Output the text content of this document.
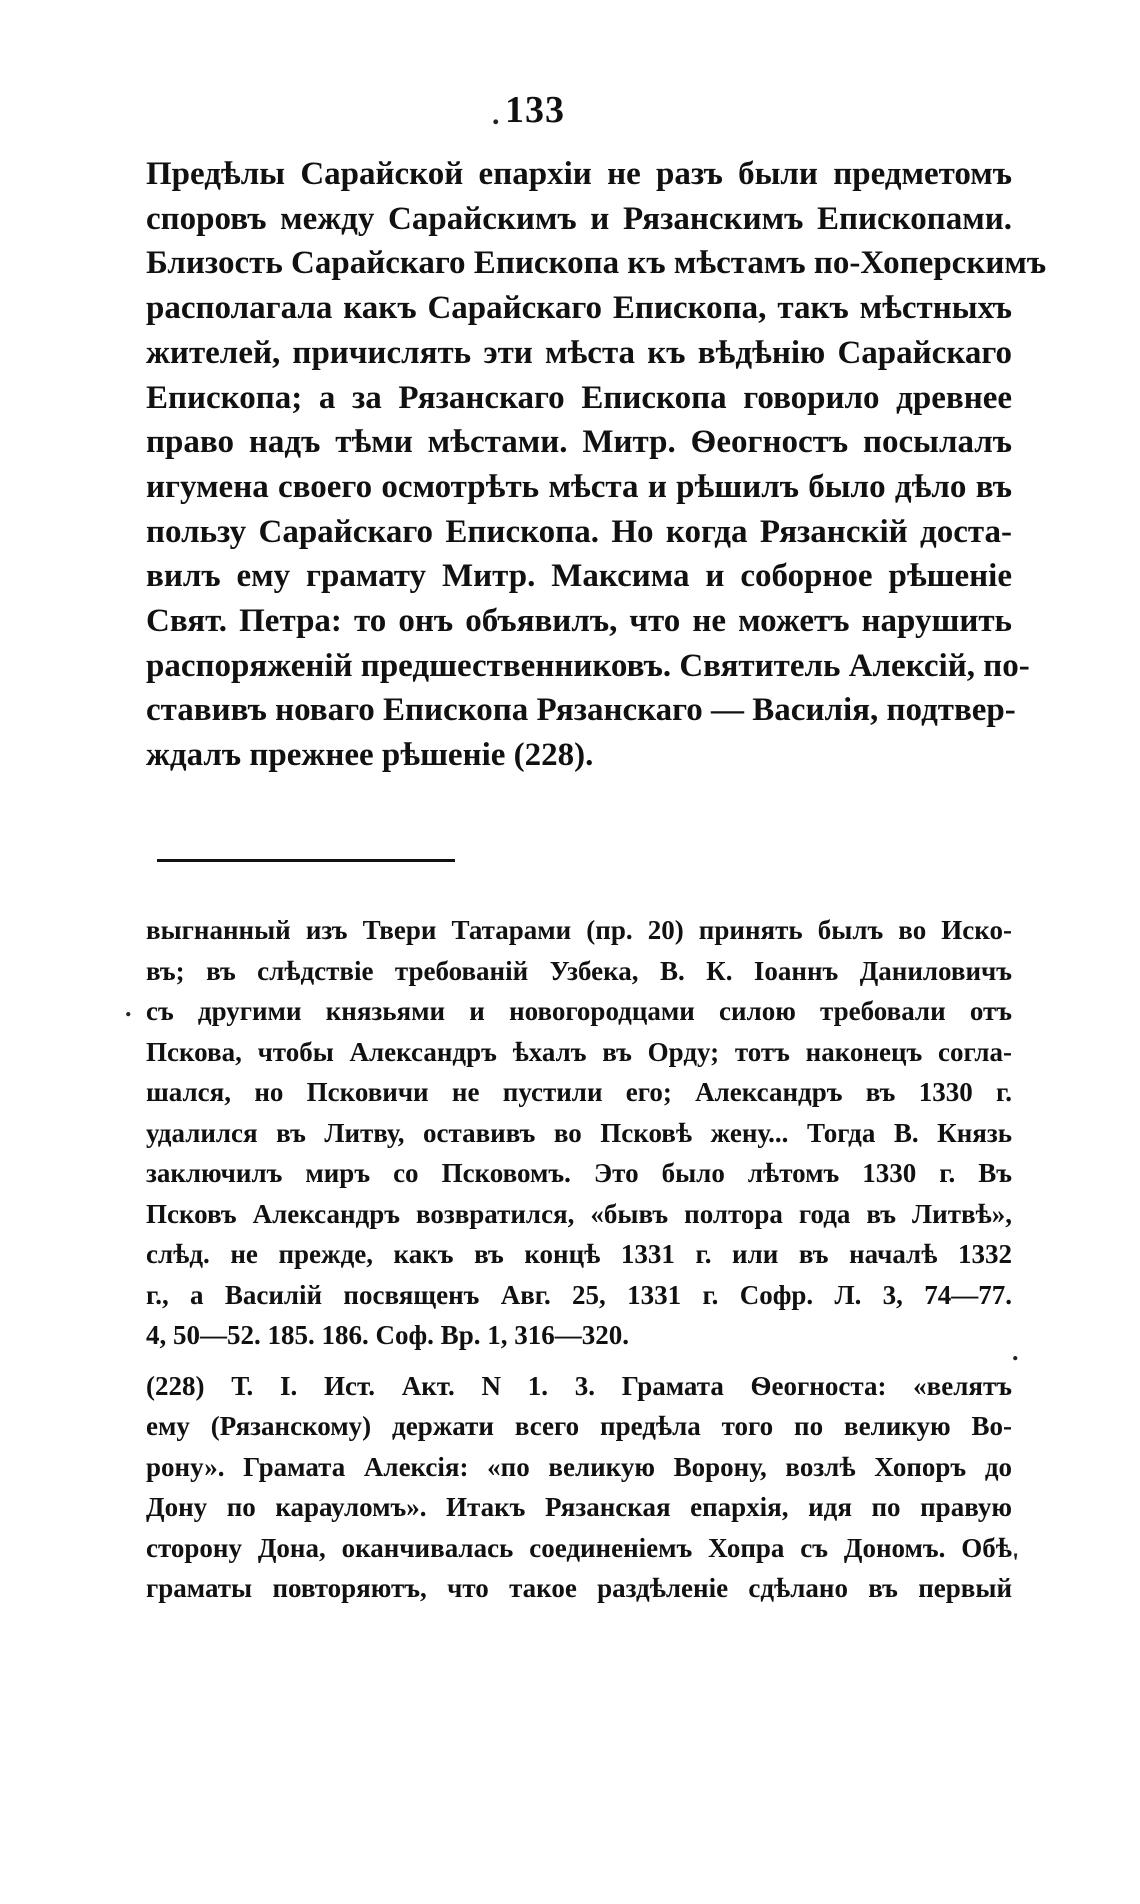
. 133
Предѣлы Сарайской епархіи не разъ были предметомъ
споровъ между Сарайскимъ и Рязанскимъ Епископами.
Близость Сарайскаго Епископа къ мѣстамъ по-Хоперскимъ
располагала какъ Сарайскаго Епископа, такъ мѣстныхъ
жителей, причислять эти мѣста къ вѣдѣнію Сарайскаго
Епископа; а за Рязанскаго Епископа говорило древнее
право надъ тѣми мѣстами. Митр. Ѳеогностъ посылалъ
игумена своего осмотрѣть мѣста и рѣшилъ было дѣло въ
пользу Сарайскаго Епископа. Но когда Рязанскій доста-
вилъ ему грамату Митр. Максима и соборное рѣшеніе
Свят. Петра: то онъ объявилъ, что не можетъ нарушить
распоряженій предшественниковъ. Святитель Алексій, по-
ставивъ новаго Епископа Рязанскаго — Василія, подтвер-
ждалъ прежнее рѣшеніе (228).
.
.
'
выгнанный изъ Твери Татарами (пр. 20) принять былъ во Иско-
въ; въ слѣдствіе требованій Узбека, В. К. Іоаннъ Даниловичъ
съ другими князьями и новогородцами силою требовали отъ
Пскова, чтобы Александръ ѣхалъ въ Орду; тотъ наконецъ согла-
шался, но Псковичи не пустили его; Александръ въ 1330 г.
удалился въ Литву, оставивъ во Псковѣ жену... Тогда В. Князь
заключилъ миръ со Псковомъ. Это было лѣтомъ 1330 г. Въ
Псковъ Александръ возвратился, «бывъ полтора года въ Литвѣ»,
слѣд. не прежде, какъ въ концѣ 1331 г. или въ началѣ 1332
г., а Василій посвященъ Авг. 25, 1331 г. Софр. Л. 3, 74—77.
4, 50—52. 185. 186. Соф. Вр. 1, 316—320.
(228) Т. I. Ист. Акт. N 1. 3. Грамата Ѳеогноста: «велятъ
ему (Рязанскому) держати всего предѣла того по великую Во-
рону». Грамата Алексія: «по великую Ворону, возлѣ Хопоръ до
Дону по карауломъ». Итакъ Рязанская епархія, идя по правую
сторону Дона, оканчивалась соединеніемъ Хопра съ Дономъ. Обѣ
граматы повторяютъ, что такое раздѣленіе сдѣлано въ первый
